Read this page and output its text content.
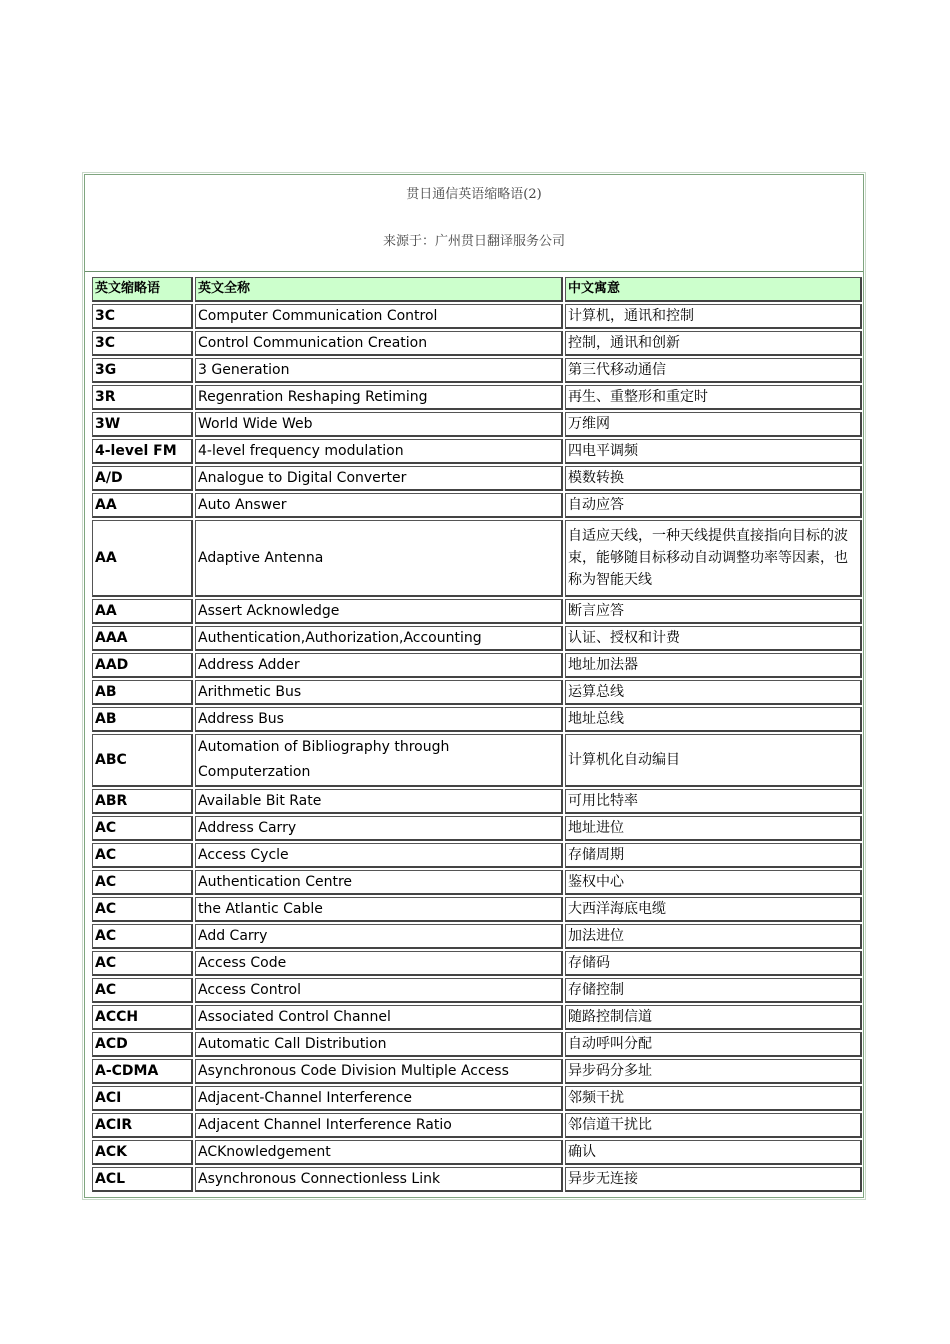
贯日通信英语缩略语(2)
来源于：广州贯日翻译服务公司
英文缩略语	英文全称	中文寓意
3C	Computer Communication Control	计算机，通讯和控制
3C	Control Communication Creation	控制，通讯和创新
3G	3 Generation	第三代移动通信
3R	Regenration Reshaping Retiming	再生、重整形和重定时
3W	World Wide Web	万维网
4-level FM	4-level frequency modulation	四电平调频
A/D	Analogue to Digital Converter	模数转换
AA	Auto Answer	自动应答
AA	Adaptive Antenna	自适应天线，一种天线提供直接指向目标的波束，能够随目标移动自动调整功率等因素，也称为智能天线
AA	Assert Acknowledge	断言应答
AAA	Authentication,Authorization,Accounting	认证、授权和计费
AAD	Address Adder	地址加法器
AB	Arithmetic Bus	运算总线
AB	Address Bus	地址总线
ABC	Automation of Bibliography through Computerzation	计算机化自动编目
ABR	Available Bit Rate	可用比特率
AC	Address Carry	地址进位
AC	Access Cycle	存储周期
AC	Authentication Centre	鉴权中心
AC	the Atlantic Cable	大西洋海底电缆
AC	Add Carry	加法进位
AC	Access Code	存储码
AC	Access Control	存储控制
ACCH	Associated Control Channel	随路控制信道
ACD	Automatic Call Distribution	自动呼叫分配
A-CDMA	Asynchronous Code Division Multiple Access	异步码分多址
ACI	Adjacent-Channel Interference	邻频干扰
ACIR	Adjacent Channel Interference Ratio	邻信道干扰比
ACK	ACKnowledgement	确认
ACL	Asynchronous Connectionless Link	异步无连接
